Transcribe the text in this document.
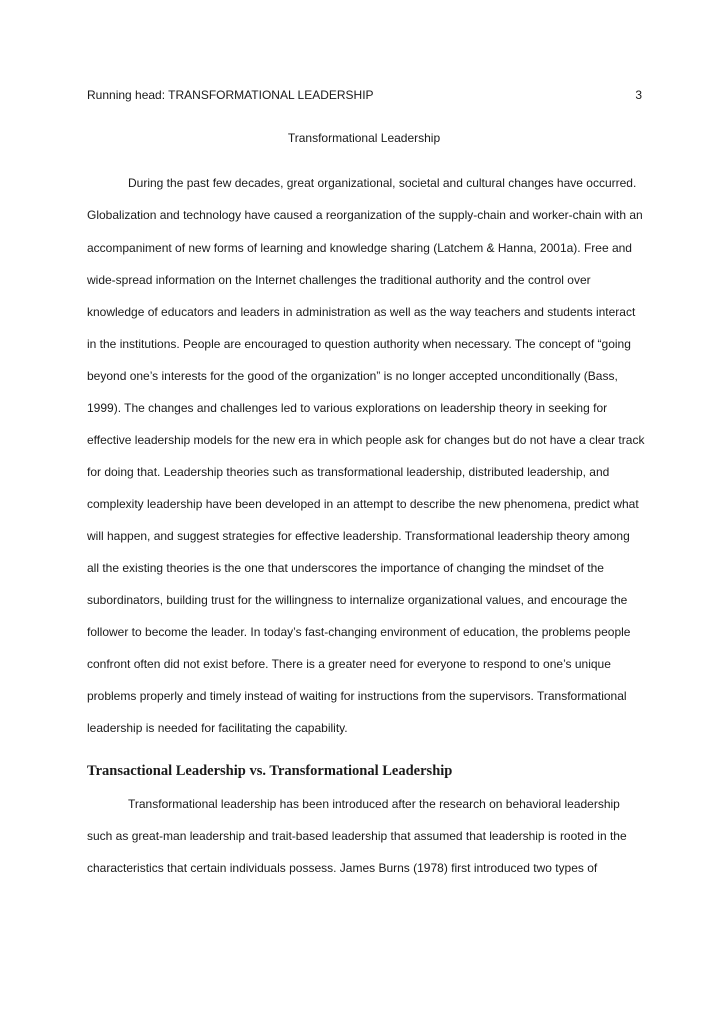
Running head: TRANSFORMATIONAL LEADERSHIP	3
Transformational Leadership
During the past few decades, great organizational, societal and cultural changes have occurred.
Globalization and technology have caused a reorganization of the supply-chain and worker-chain with an
accompaniment of new forms of learning and knowledge sharing (Latchem & Hanna, 2001a). Free and
wide-spread information on the Internet challenges the traditional authority and the control over
knowledge of educators and leaders in administration as well as the way teachers and students interact
in the institutions. People are encouraged to question authority when necessary. The concept of “going
beyond one’s interests for the good of the organization” is no longer accepted unconditionally (Bass,
1999). The changes and challenges led to various explorations on leadership theory in seeking for
effective leadership models for the new era in which people ask for changes but do not have a clear track
for doing that. Leadership theories such as transformational leadership, distributed leadership, and
complexity leadership have been developed in an attempt to describe the new phenomena, predict what
will happen, and suggest strategies for effective leadership. Transformational leadership theory among
all the existing theories is the one that underscores the importance of changing the mindset of the
subordinators, building trust for the willingness to internalize organizational values, and encourage the
follower to become the leader. In today’s fast-changing environment of education, the problems people
confront often did not exist before. There is a greater need for everyone to respond to one’s unique
problems properly and timely instead of waiting for instructions from the supervisors. Transformational
leadership is needed for facilitating the capability.
Transactional Leadership vs. Transformational Leadership
Transformational leadership has been introduced after the research on behavioral leadership
such as great-man leadership and trait-based leadership that assumed that leadership is rooted in the
characteristics that certain individuals possess. James Burns (1978) first introduced two types of
